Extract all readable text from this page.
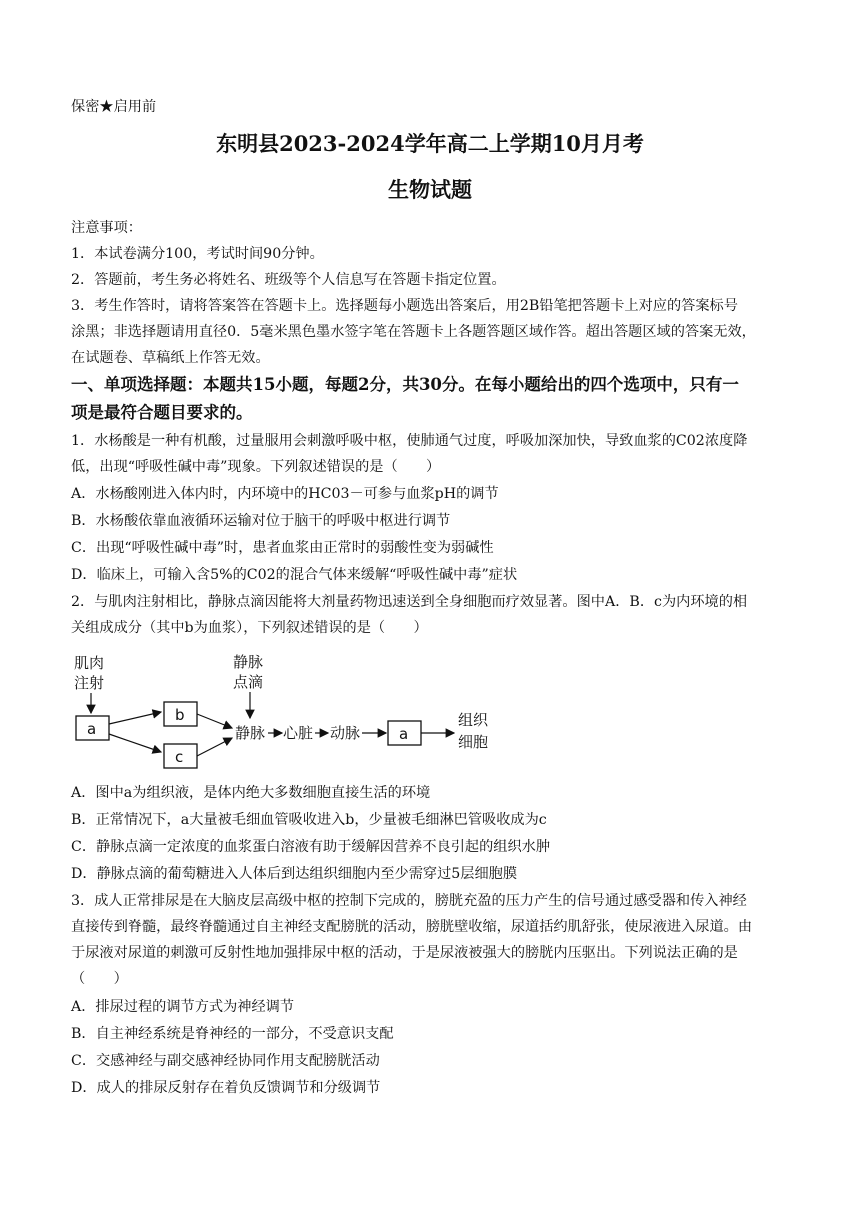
保密★启用前
东明县2023-2024学年高二上学期10月月考
生物试题
注意事项：
1．本试卷满分100，考试时间90分钟。
2．答题前，考生务必将姓名、班级等个人信息写在答题卡指定位置。
3．考生作答时，请将答案答在答题卡上。选择题每小题选出答案后，用2B铅笔把答题卡上对应的答案标号
涂黑；非选择题请用直径0．5毫米黑色墨水签字笔在答题卡上各题答题区域作答。超出答题区域的答案无效，
在试题卷、草稿纸上作答无效。
一、单项选择题：本题共15小题，每题2分，共30分。在每小题给出的四个选项中，只有一
项是最符合题目要求的。
1．水杨酸是一种有机酸，过量服用会刺激呼吸中枢，使肺通气过度，呼吸加深加快，导致血浆的C02浓度降
低，出现“呼吸性碱中毒”现象。下列叙述错误的是（　　）
A．水杨酸刚进入体内时，内环境中的HC03－可参与血浆pH的调节
B．水杨酸依靠血液循环运输对位于脑干的呼吸中枢进行调节
C．出现“呼吸性碱中毒”时，患者血浆由正常时的弱酸性变为弱碱性
D．临床上，可输入含5%的C02的混合气体来缓解“呼吸性碱中毒”症状
2．与肌肉注射相比，静脉点滴因能将大剂量药物迅速送到全身细胞而疗效显著。图中A．B．c为内环境的相
关组成成分（其中b为血浆），下列叙述错误的是（　　）
肌肉
注射
a
b
c
静脉
点滴
静脉 心脏 动脉	a
组织
细胞
A．图中a为组织液，是体内绝大多数细胞直接生活的环境
B．正常情况下，a大量被毛细血管吸收进入b，少量被毛细淋巴管吸收成为c
C．静脉点滴一定浓度的血浆蛋白溶液有助于缓解因营养不良引起的组织水肿
D．静脉点滴的葡萄糖进入人体后到达组织细胞内至少需穿过5层细胞膜
3．成人正常排尿是在大脑皮层高级中枢的控制下完成的，膀胱充盈的压力产生的信号通过感受器和传入神经
直接传到脊髓，最终脊髓通过自主神经支配膀胱的活动，膀胱壁收缩，尿道括约肌舒张，使尿液进入尿道。由
于尿液对尿道的刺激可反射性地加强排尿中枢的活动，于是尿液被强大的膀胱内压驱出。下列说法正确的是
（　　）
A．排尿过程的调节方式为神经调节
B．自主神经系统是脊神经的一部分，不受意识支配
C．交感神经与副交感神经协同作用支配膀胱活动
D．成人的排尿反射存在着负反馈调节和分级调节
